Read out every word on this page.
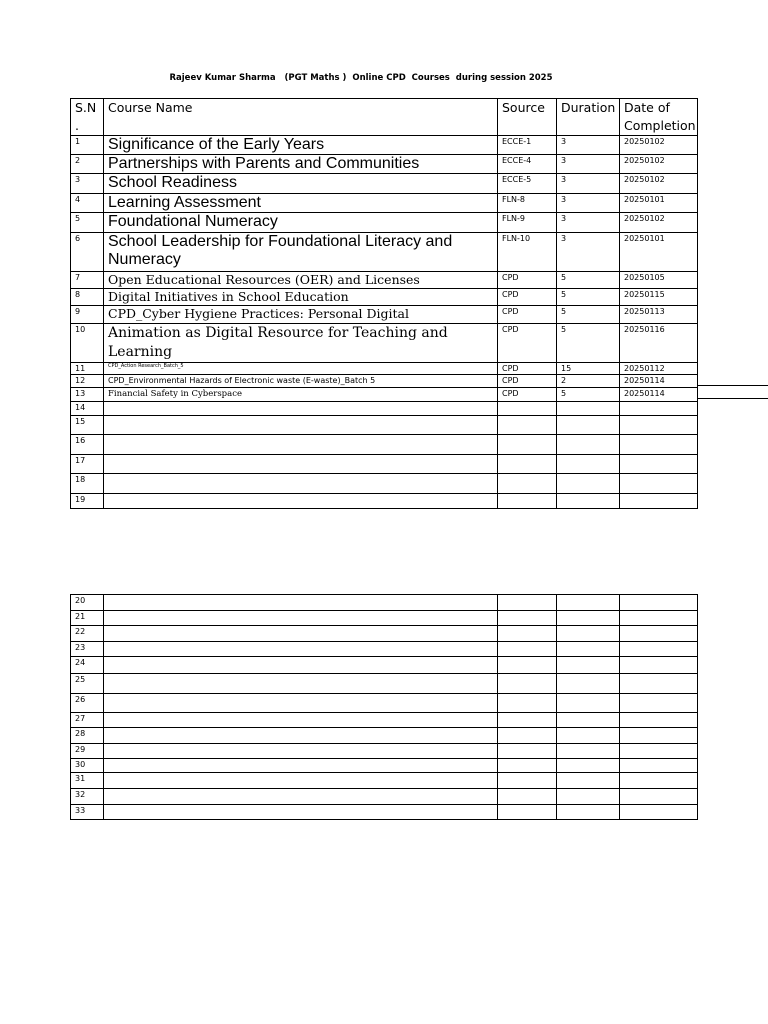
Rajeev Kumar Sharma   (PGT Maths )  Online CPD  Courses  during session 2025
S.N .	Course Name	Source	Duration	Date of Completion
1	Significance of the Early Years	ECCE-1	3	20250102
2	Partnerships with Parents and Communities	ECCE-4	3	20250102
3	School Readiness	ECCE-5	3	20250102
4	Learning Assessment	FLN-8	3	20250101
5	Foundational Numeracy	FLN-9	3	20250102
6	School Leadership for Foundational Literacy and Numeracy	FLN-10	3	20250101
7	Open Educational Resources (OER) and Licenses	CPD	5	20250105
8	Digital Initiatives in School Education	CPD	5	20250115
9	CPD_Cyber Hygiene Practices: Personal Digital	CPD	5	20250113
10	Animation as Digital Resource for Teaching and Learning	CPD	5	20250116
11	CPD_Action Research_Batch_5	CPD	15	20250112
12	CPD_Environmental Hazards of Electronic waste (E-waste)_Batch 5	CPD	2	20250114
13	Financial Safety in Cyberspace	CPD	5	20250114
14				
15				
16				
17				
18				
19				
20				
21				
22				
23				
24				
25				
26				
27				
28				
29				
30				
31				
32				
33				
